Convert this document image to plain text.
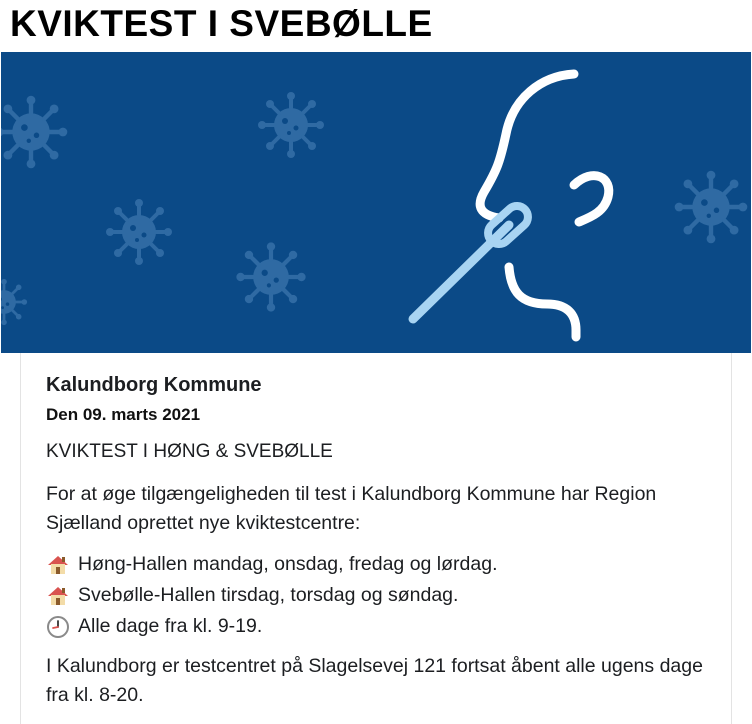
KVIKTEST I SVEBØLLE
Kalundborg Kommune
Den 09. marts 2021
KVIKTEST I HØNG & SVEBØLLE
For at øge tilgængeligheden til test i Kalundborg Kommune har Region Sjælland oprettet nye kviktestcentre:
Høng-Hallen mandag, onsdag, fredag og lørdag.
Svebølle-Hallen tirsdag, torsdag og søndag.
Alle dage fra kl. 9-19.
I Kalundborg er testcentret på Slagelsevej 121 fortsat åbent alle ugens dage fra kl. 8-20.
